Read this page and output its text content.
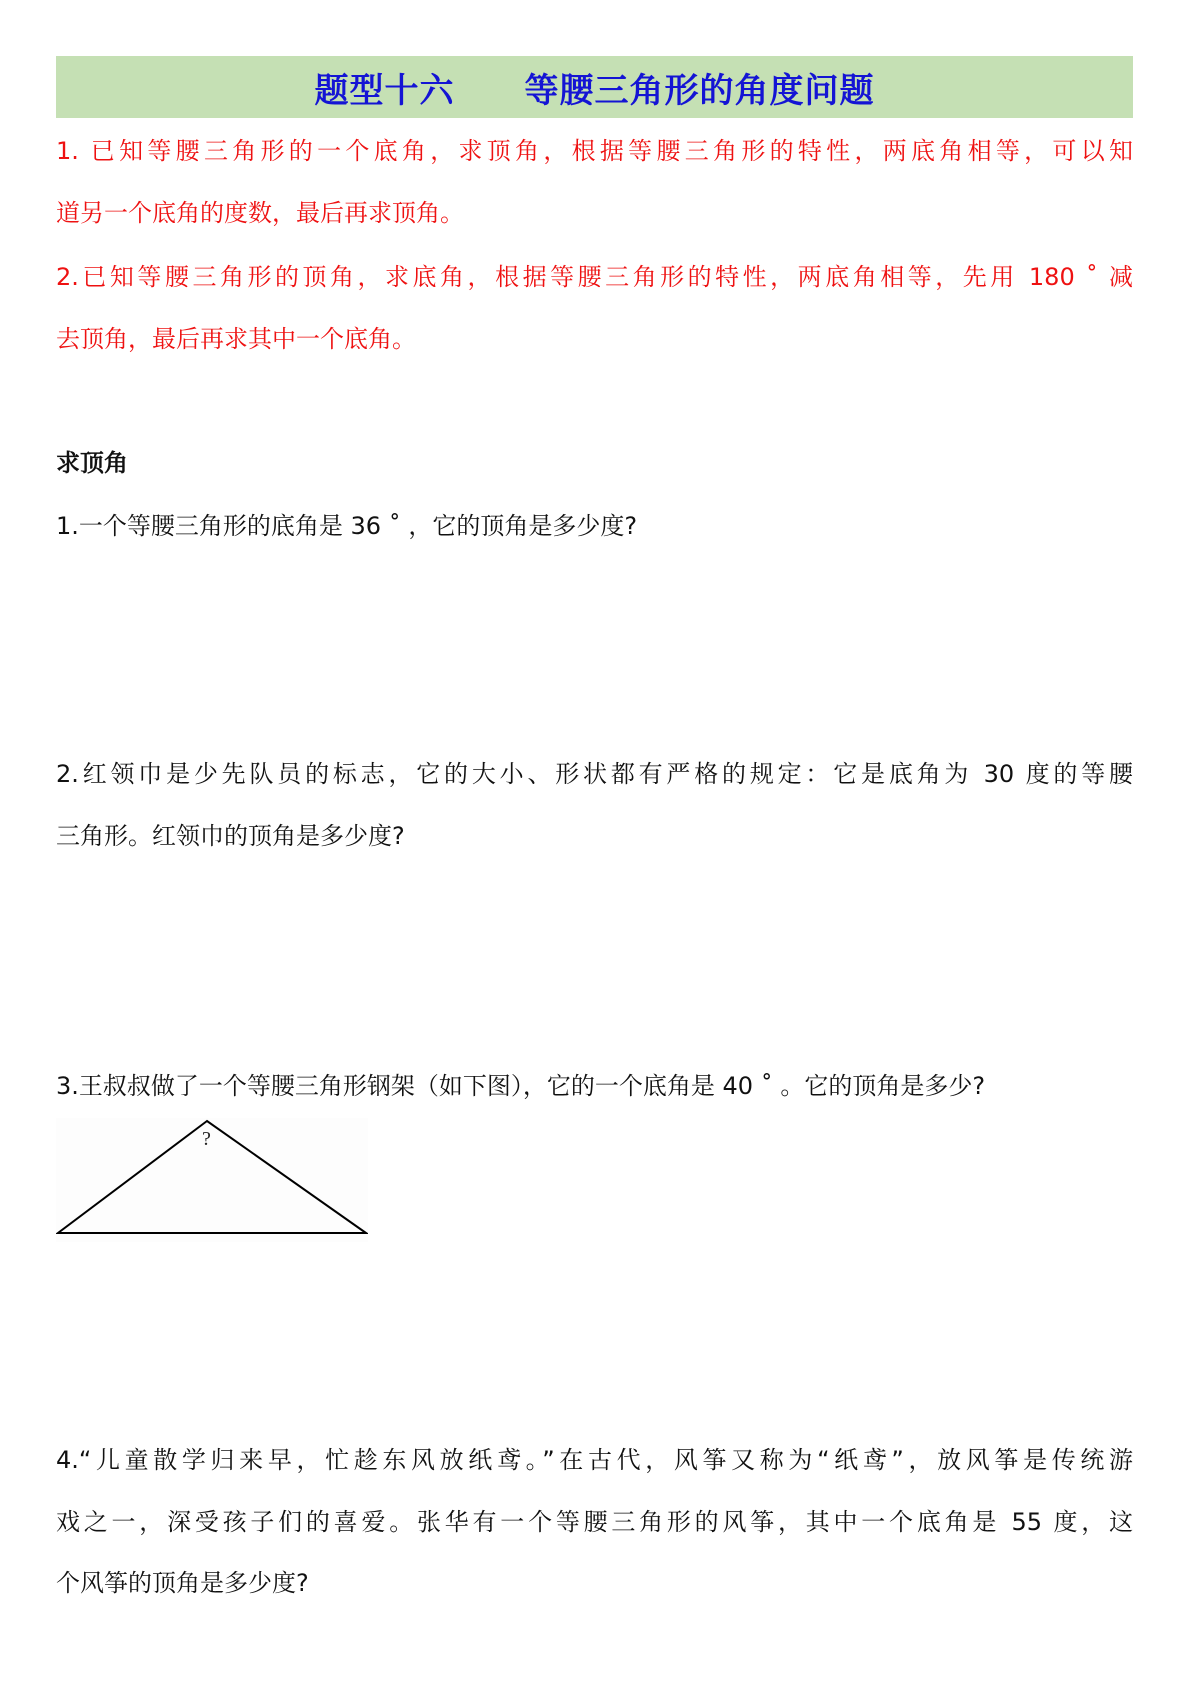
题型十六　　等腰三角形的角度问题
1. 已知等腰三角形的一个底角，求顶角，根据等腰三角形的特性，两底角相等，可以知
道另一个底角的度数，最后再求顶角。
2.已知等腰三角形的顶角，求底角，根据等腰三角形的特性，两底角相等，先用 180 ˚ 减
去顶角，最后再求其中一个底角。
求顶角
1.一个等腰三角形的底角是 36 ˚ ，它的顶角是多少度?
2.红领巾是少先队员的标志，它的大小、形状都有严格的规定：它是底角为 30 度的等腰
三角形。红领巾的顶角是多少度?
3.王叔叔做了一个等腰三角形钢架（如下图），它的一个底角是 40 ˚ 。它的顶角是多少?
?
4.“儿童散学归来早，忙趁东风放纸鸢。”在古代，风筝又称为“纸鸢”，放风筝是传统游
戏之一，深受孩子们的喜爱。张华有一个等腰三角形的风筝，其中一个底角是 55 度，这
个风筝的顶角是多少度?
